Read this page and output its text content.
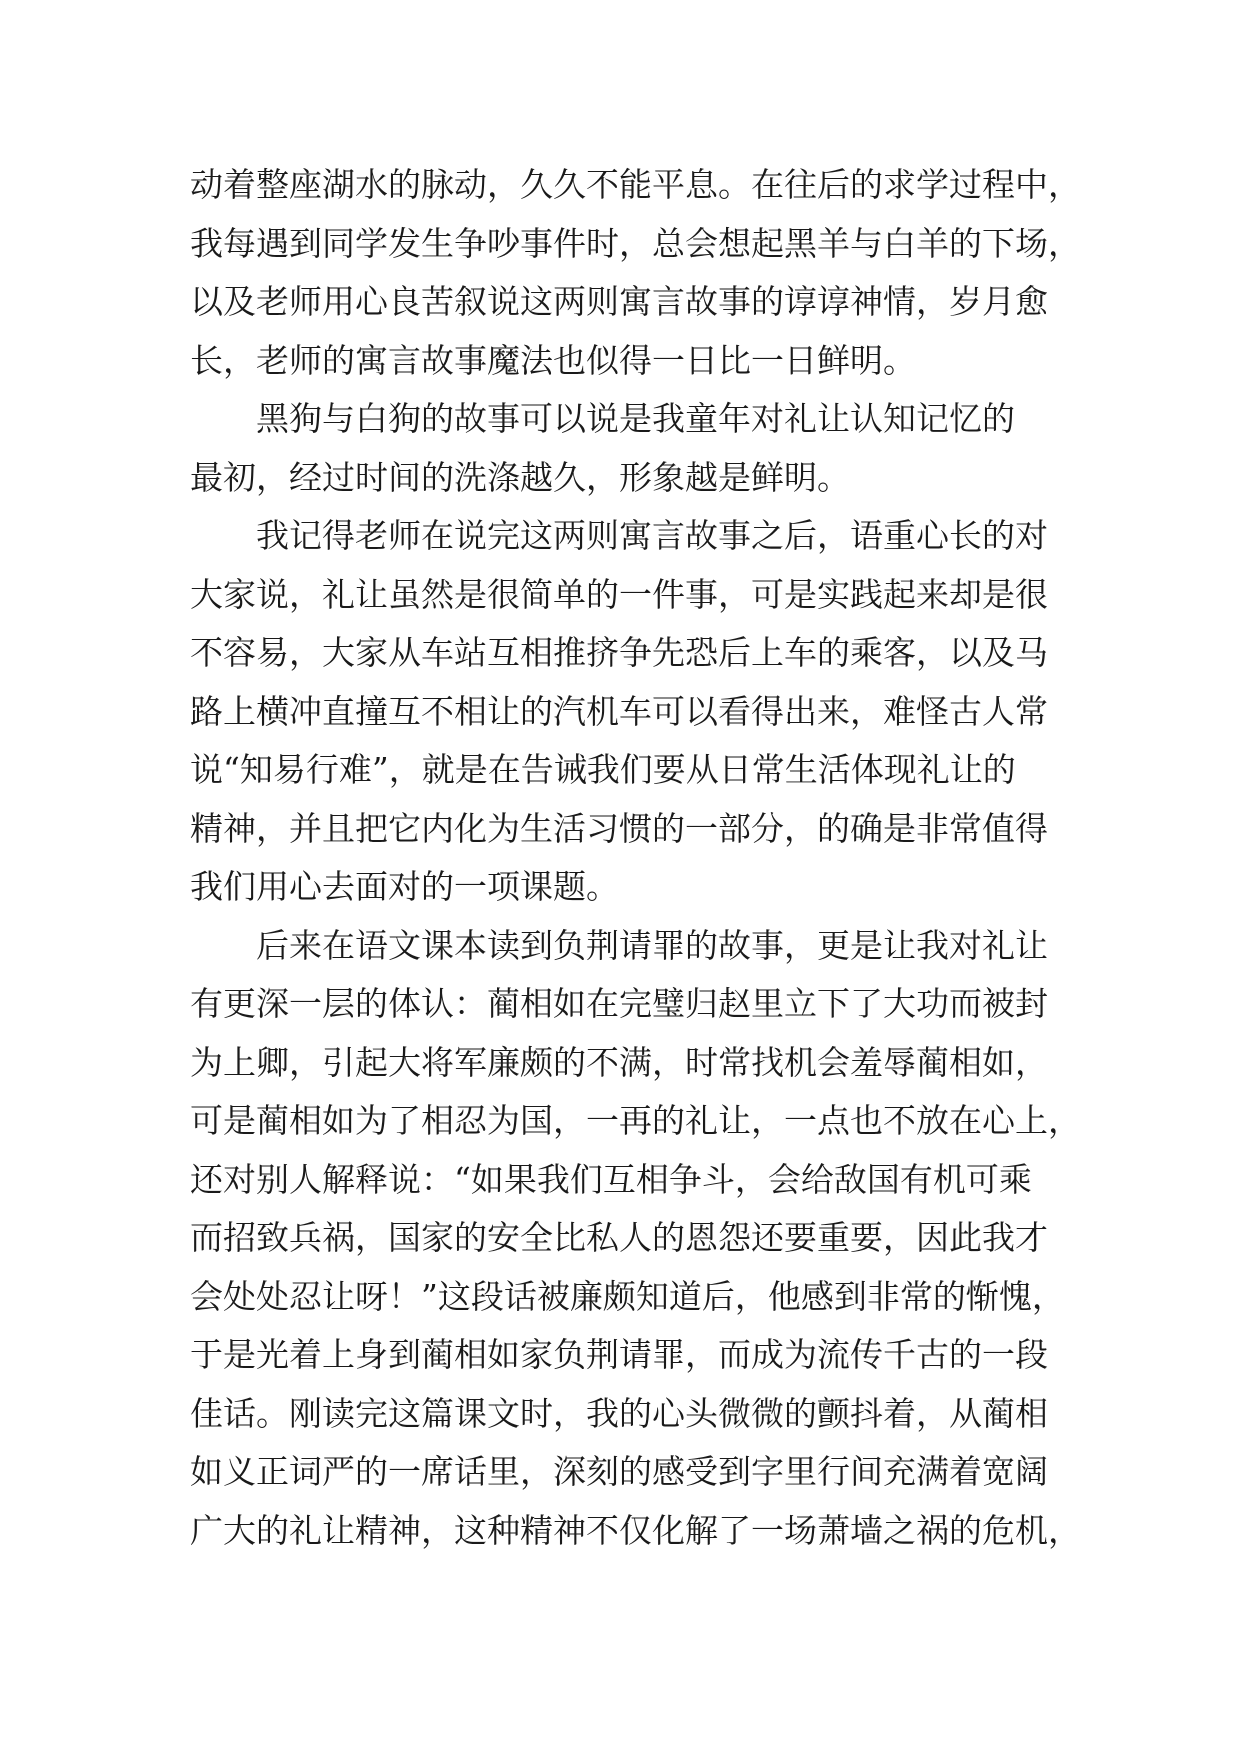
动着整座湖水的脉动，久久不能平息。在往后的求学过程中，
我每遇到同学发生争吵事件时，总会想起黑羊与白羊的下场，
以及老师用心良苦叙说这两则寓言故事的谆谆神情，岁月愈
长，老师的寓言故事魔法也似得一日比一日鲜明。
黑狗与白狗的故事可以说是我童年对礼让认知记忆的
最初，经过时间的洗涤越久，形象越是鲜明。
我记得老师在说完这两则寓言故事之后，语重心长的对
大家说，礼让虽然是很简单的一件事，可是实践起来却是很
不容易，大家从车站互相推挤争先恐后上车的乘客，以及马
路上横冲直撞互不相让的汽机车可以看得出来，难怪古人常
说“知易行难”，就是在告诫我们要从日常生活体现礼让的
精神，并且把它内化为生活习惯的一部分，的确是非常值得
我们用心去面对的一项课题。
后来在语文课本读到负荆请罪的故事，更是让我对礼让
有更深一层的体认：蔺相如在完璧归赵里立下了大功而被封
为上卿，引起大将军廉颇的不满，时常找机会羞辱蔺相如，
可是蔺相如为了相忍为国，一再的礼让，一点也不放在心上，
还对别人解释说：“如果我们互相争斗，会给敌国有机可乘
而招致兵祸，国家的安全比私人的恩怨还要重要，因此我才
会处处忍让呀！”这段话被廉颇知道后，他感到非常的惭愧，
于是光着上身到蔺相如家负荆请罪，而成为流传千古的一段
佳话。刚读完这篇课文时，我的心头微微的颤抖着，从蔺相
如义正词严的一席话里，深刻的感受到字里行间充满着宽阔
广大的礼让精神，这种精神不仅化解了一场萧墙之祸的危机，
